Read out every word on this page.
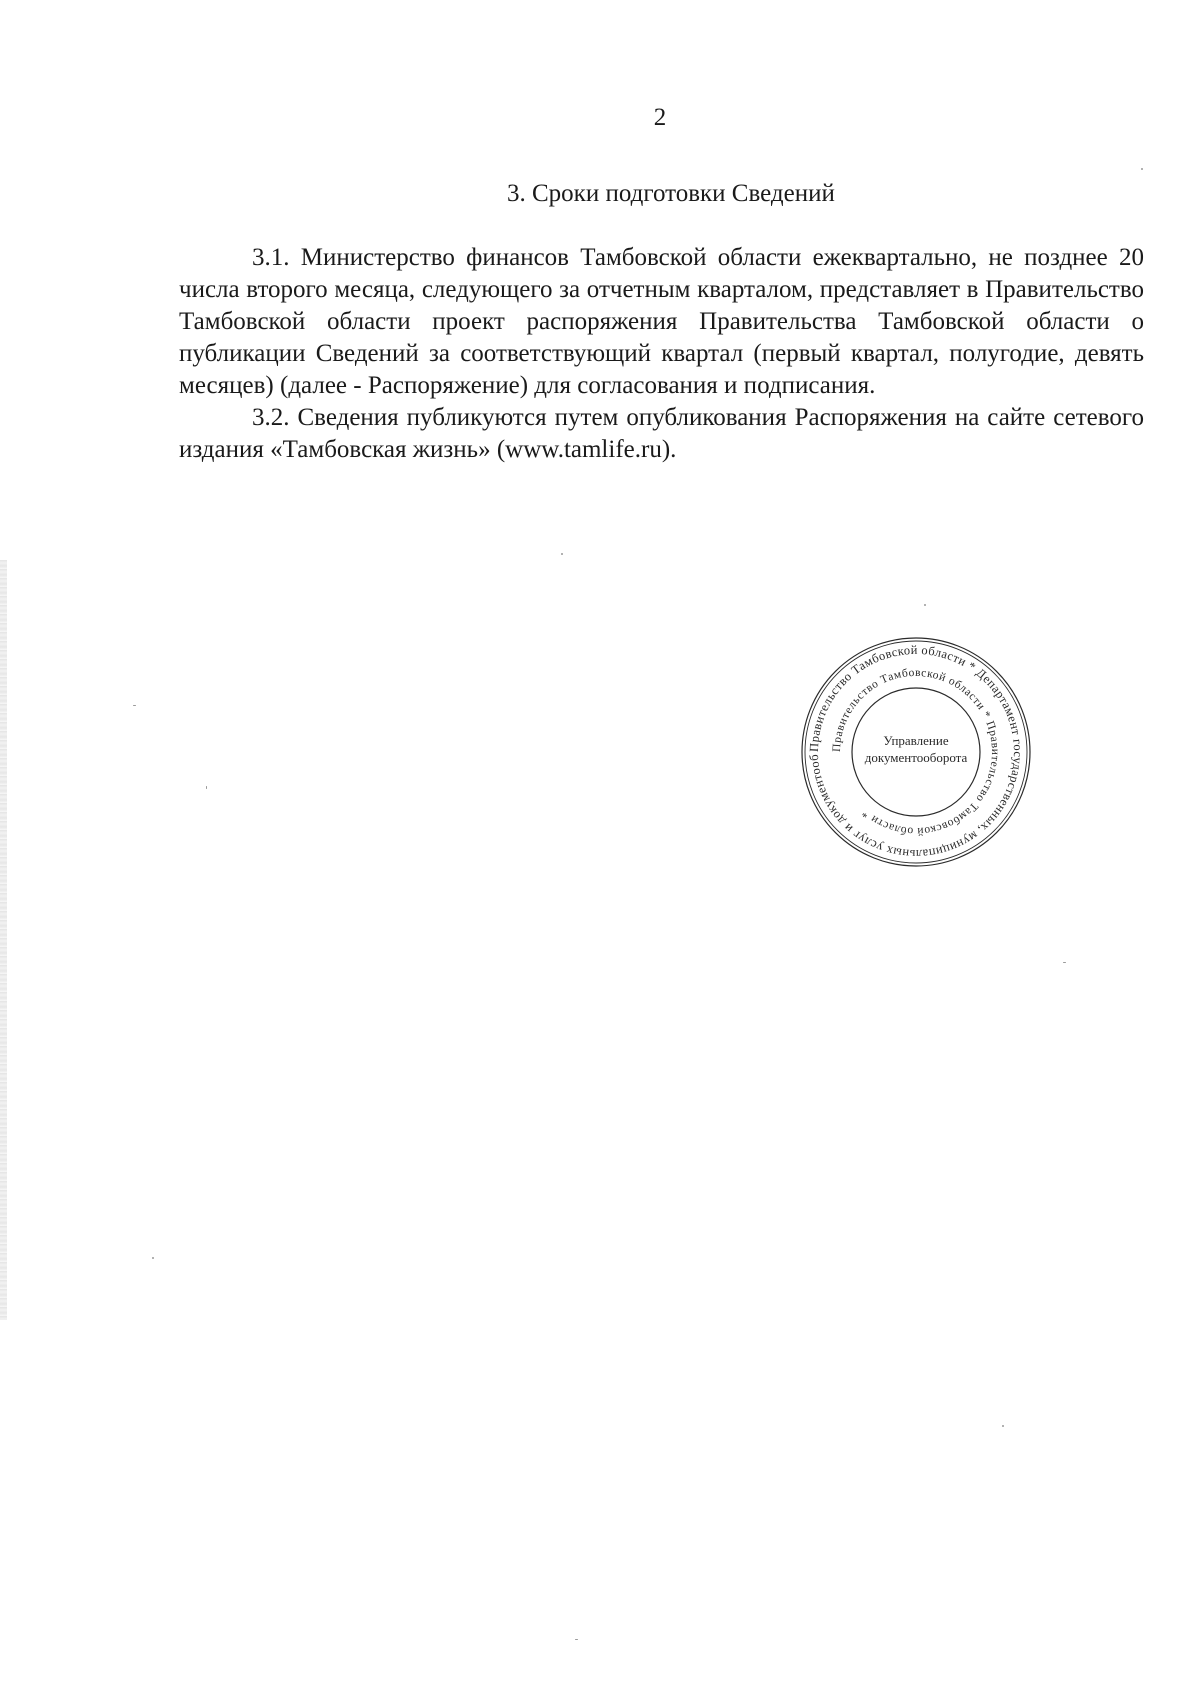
2
3. Сроки подготовки Сведений

3.1. Министерство финансов Тамбовской области ежеквартально, не позднее 20 числа второго месяца, следующего за отчетным кварталом, представляет в Правительство Тамбовской области проект распоряжения Правительства Тамбовской области о публикации Сведений за соответствующий квартал (первый квартал, полугодие, девять месяцев) (далее - Распоряжение) для согласования и подписания.

3.2. Сведения публикуются путем опубликования Распоряжения на сайте сетевого издания «Тамбовская жизнь» (www.tamlife.ru).

Правительство Тамбовской области * Департамент государственных, муниципальных услуг и документооб
Правительство Тамбовской области * Правительство Тамбовской области *
Управление
документооборота
